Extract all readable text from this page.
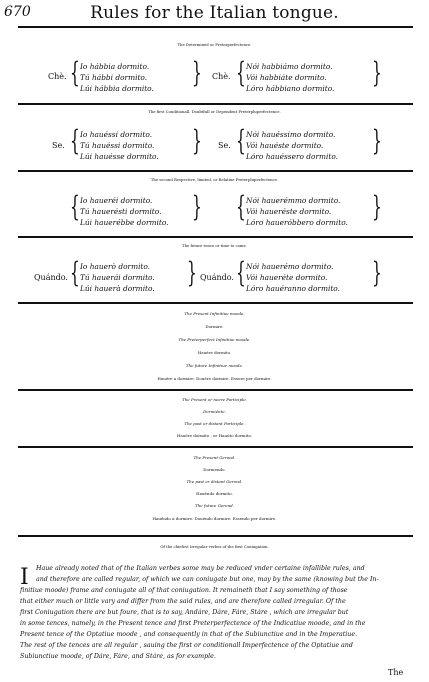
670	Rules for the Italian tongue.
The Determined or Preterperfectence.
Chè. { Io hábbia dormito.
Tú hábbi dormito.
Lúi hábbia dormito. } Chè. { Nói habbiámo dormito.
Vói habbiáte dormito.
Lóro hábbiano dormito. }
The first Conditionall, Doubtfull or Dependent Preterpluperfectence.
Se. { Io hauéssi dormito.
Tú hauéssi dormito.
Lúi hauésse dormito. } Se. { Nói hauéssimo dormito.
Vói hauéste dormito.
Lóro hauéssero dormito. }
The second Respective, limited, or Relatiue Preterpluperfectence.
{ Io haueréi dormito.
Tú hauerésti dormito.
Lúi hauerébbe dormito. } { Nói hauerémmo dormito.
Vói haueréste dormito.
Lóro haueróbbero dormito. }
The future tence or time to come.
Quándo. { Io hauerò dormito.
Tú hauerái dormito.
Lúi hauerà dormito. } Quándo. { Nói hauerémo dormito.
Vói haueréte dormito.
Lóro hauéranno dormito. }
The Present Infinitiue moode.
Dormire.
The Preterperfect Infinitiue moode.
Hauére dormito.
The future Infinitiue moode.
Hauére a dormire. Douére dormire. Essere per dormire.
The Present or neere Participle.
Dormiénte.
The past or distant Participle.
Hauére dormito , or Hauúto dormito.
The Present Gerond.
Dormendo.
The past or distant Gerond.
Hauéndo dormito.
The future Gerond.
Hauéndo a dormire. Douéndo dormire. Essendo per dormire.
Of the chiefest Irregular verbes of the first Coniugation.
I Haue already noted that of the Italian verbes some may be reduced vnder certaine infallible rules, and
and therefore are called regular, of which we can coniugate but one, may by the same (knowing but the In-
finitiue moode) frame and coniugate all of that coniugation. It remaineth that I say something of those
that either much or little vary and differ from the said rules, and are therefore called irregular. Of the
first Coniugation there are but foure, that is to say, Andáre, Dáre, Fáre, Stáre , which are irregular but
in some tences, namely, in the Present tence and first Preterperfectence of the Indicatiue moode, and in the
Present tence of the Optatiue moode , and consequently in that of the Subiunctiue and in the Imperatiue.
The rest of the tences are all regular , sauing the first or conditionall Imperfectence of the Optatiue and
Subiunctiue moode, of Dáre, Fáre, and Stáre, as for example.
The
